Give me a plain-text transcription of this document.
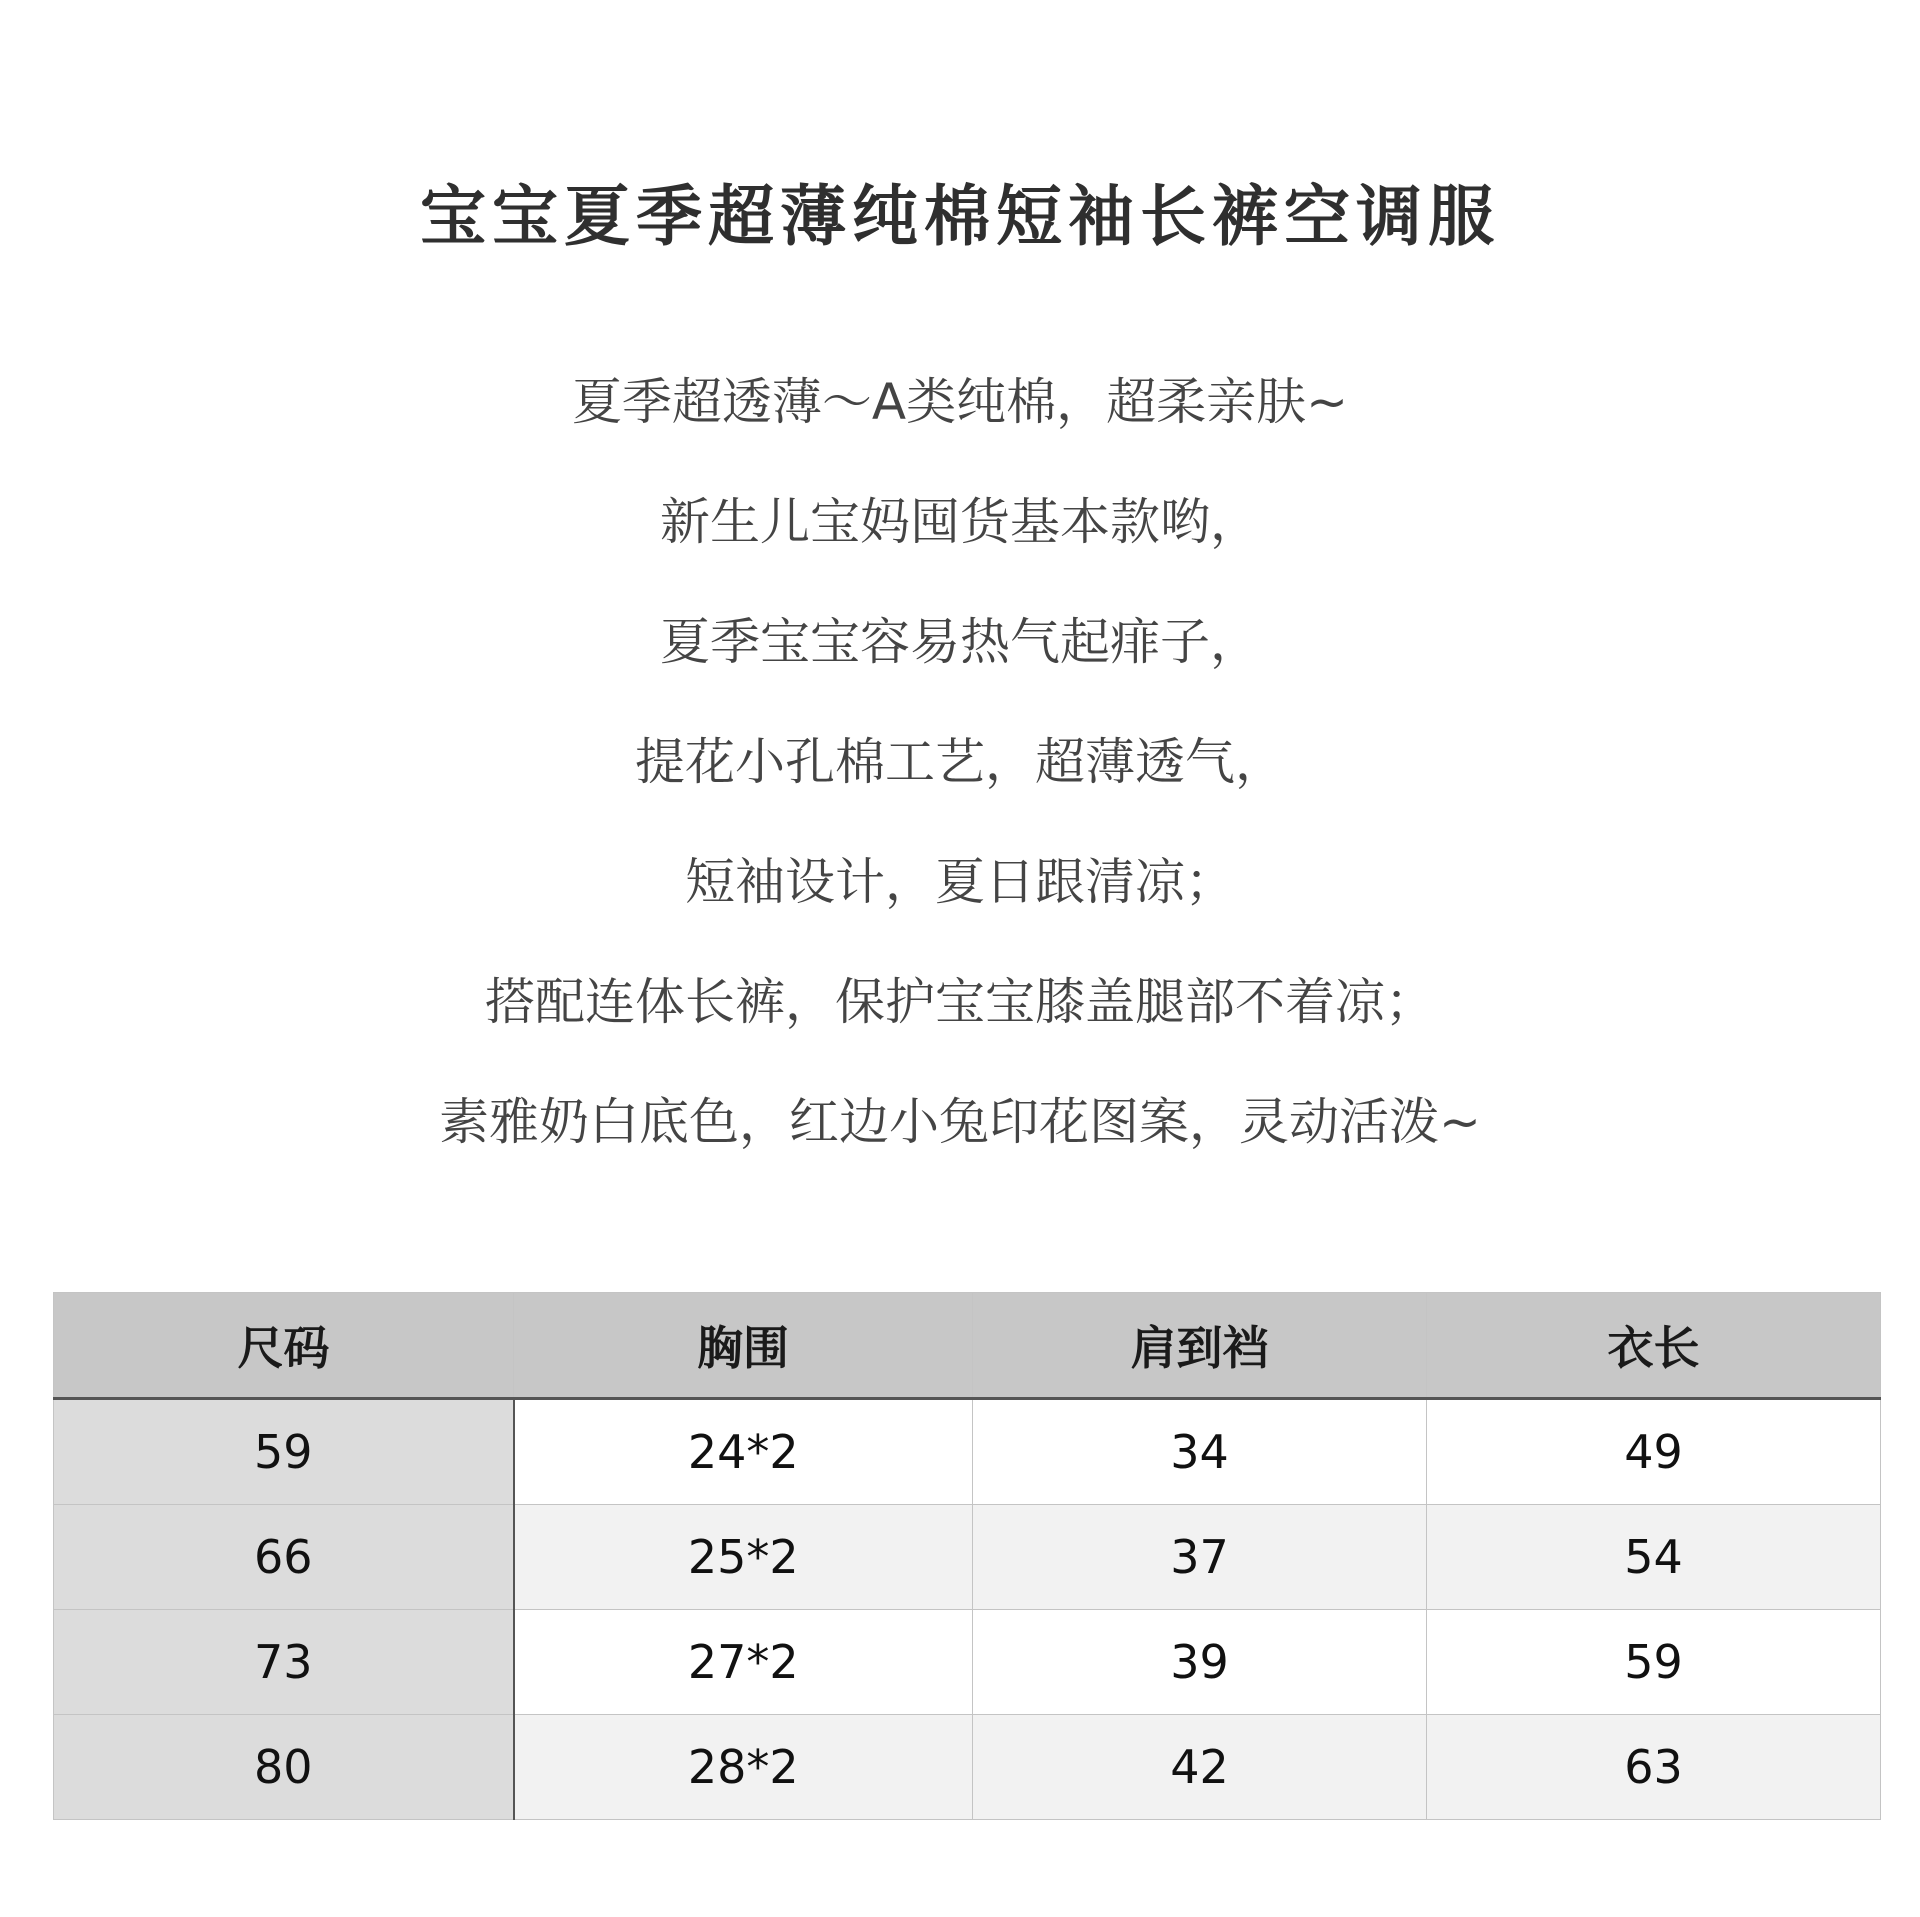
宝宝夏季超薄纯棉短袖长裤空调服
夏季超透薄～A类纯棉，超柔亲肤~
新生儿宝妈囤货基本款哟，
夏季宝宝容易热气起痱子，
提花小孔棉工艺，超薄透气，
短袖设计，夏日跟清凉；
搭配连体长裤，保护宝宝膝盖腿部不着凉；
素雅奶白底色，红边小兔印花图案，灵动活泼~
尺码	胸围	肩到裆	衣长
59	24*2	34	49
66	25*2	37	54
73	27*2	39	59
80	28*2	42	63
